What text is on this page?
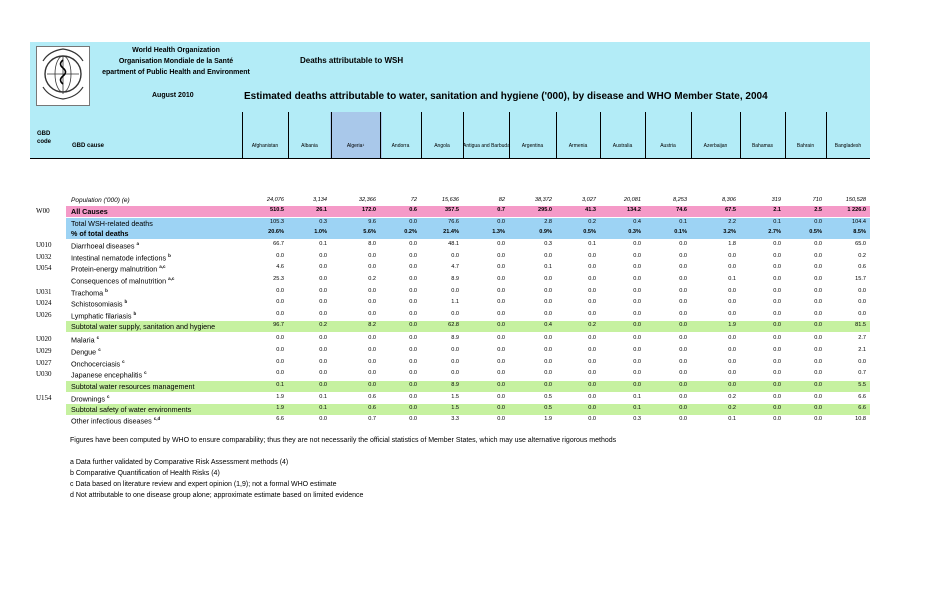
World Health Organization
Organisation Mondiale de la Santé
epartment of Public Health and Environment
Deaths attributable to WSH
August 2010	Estimated deaths attributable to water, sanitation and hygiene ('000), by disease and WHO Member State, 2004
GBD
code
GBD cause	Afghanistan	Albania	Algeria¹	Andorra	Angola	Antigua and Barbuda	Argentina	Armenia	Australia	Austria	Azerbaijan	Bahamas	Bahrain	Bangladesh
Population ('000) (e)	24,076	3,134	32,366	72	15,636	82	38,372	3,027	20,081	8,253	8,306	319	710	150,528
W00	All Causes	510.5	26.1	172.0	0.6	357.5	0.7	295.0	41.3	134.2	74.6	67.5	2.1	2.5	1 226.0
Total WSH-related deaths	105.3	0.3	9.6	0.0	76.6	0.0	2.8	0.2	0.4	0.1	2.2	0.1	0.0	104.4
% of total deaths	20.6%	1.0%	5.6%	0.2%	21.4%	1.3%	0.9%	0.5%	0.3%	0.1%	3.2%	2.7%	0.5%	8.5%
U010	Diarrhoeal diseases $^a$	66.7	0.1	8.0	0.0	48.1	0.0	0.3	0.1	0.0	0.0	1.8	0.0	0.0	65.0
U032	Intestinal nematode infections $^b$	0.0	0.0	0.0	0.0	0.0	0.0	0.0	0.0	0.0	0.0	0.0	0.0	0.0	0.2
U054	Protein-energy malnutrition $^{a,c}$	4.6	0.0	0.0	0.0	4.7	0.0	0.1	0.0	0.0	0.0	0.0	0.0	0.0	0.6
Consequences of malnutrition $^{a,c}$	25.3	0.0	0.2	0.0	8.9	0.0	0.0	0.0	0.0	0.0	0.1	0.0	0.0	15.7
U031	Trachoma $^b$	0.0	0.0	0.0	0.0	0.0	0.0	0.0	0.0	0.0	0.0	0.0	0.0	0.0	0.0
U024	Schistosomiasis $^b$	0.0	0.0	0.0	0.0	1.1	0.0	0.0	0.0	0.0	0.0	0.0	0.0	0.0	0.0
U026	Lymphatic filariasis $^b$	0.0	0.0	0.0	0.0	0.0	0.0	0.0	0.0	0.0	0.0	0.0	0.0	0.0	0.0
Subtotal water supply, sanitation and hygiene	96.7	0.2	8.2	0.0	62.8	0.0	0.4	0.2	0.0	0.0	1.9	0.0	0.0	81.5
U020	Malaria $^c$	0.0	0.0	0.0	0.0	8.9	0.0	0.0	0.0	0.0	0.0	0.0	0.0	0.0	2.7
U029	Dengue $^c$	0.0	0.0	0.0	0.0	0.0	0.0	0.0	0.0	0.0	0.0	0.0	0.0	0.0	2.1
U027	Onchocerciasis $^c$	0.0	0.0	0.0	0.0	0.0	0.0	0.0	0.0	0.0	0.0	0.0	0.0	0.0	0.0
U030	Japanese encephalitis $^c$	0.0	0.0	0.0	0.0	0.0	0.0	0.0	0.0	0.0	0.0	0.0	0.0	0.0	0.7
Subtotal water resources management	0.1	0.0	0.0	0.0	8.9	0.0	0.0	0.0	0.0	0.0	0.0	0.0	0.0	5.5
U154	Drownings $^c$	1.9	0.1	0.6	0.0	1.5	0.0	0.5	0.0	0.1	0.0	0.2	0.0	0.0	6.6
Subtotal safety of water environments	1.9	0.1	0.6	0.0	1.5	0.0	0.5	0.0	0.1	0.0	0.2	0.0	0.0	6.6
Other infectious diseases $^{c,d}$	6.6	0.0	0.7	0.0	3.3	0.0	1.9	0.0	0.3	0.0	0.1	0.0	0.0	10.8
Figures have been computed by WHO to ensure comparability; thus they are not necessarily the official statistics of Member States, which may use alternative rigorous methods
a Data further validated by Comparative Risk Assessment methods (4)
b Comparative Quantification of Health Risks (4)
c Data based on literature review and expert opinion (1,9); not a formal WHO estimate
d Not attributable to one disease group alone; approximate estimate based on limited evidence
